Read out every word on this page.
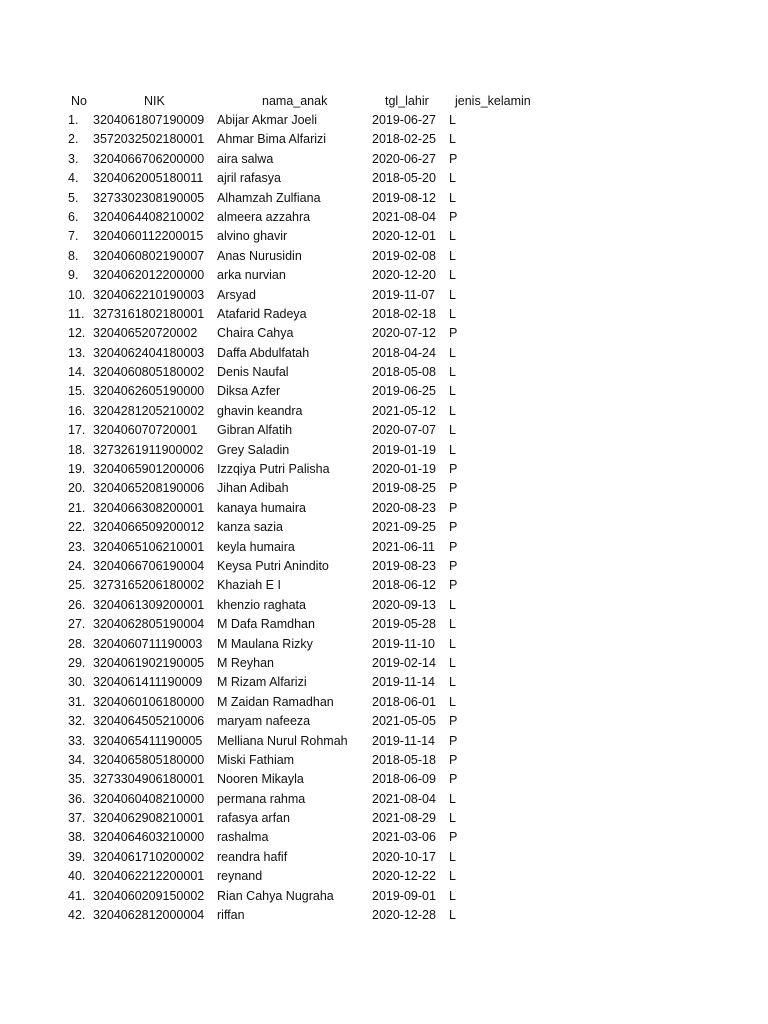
No	NIK	nama_anak	tgl_lahir	jenis_kelamin
1.	3204061807190009	Abijar Akmar Joeli	2019-06-27	L
2.	3572032502180001	Ahmar Bima Alfarizi	2018-02-25	L
3.	3204066706200000	aira salwa	2020-06-27	P
4.	3204062005180011	ajril rafasya	2018-05-20	L
5.	3273302308190005	Alhamzah Zulfiana	2019-08-12	L
6.	3204064408210002	almeera azzahra	2021-08-04	P
7.	3204060112200015	alvino ghavir	2020-12-01	L
8.	3204060802190007	Anas Nurusidin	2019-02-08	L
9.	3204062012200000	arka nurvian	2020-12-20	L
10. 3204062210190003	Arsyad	2019-11-07	L
11. 3273161802180001	Atafarid Radeya	2018-02-18	L
12. 320406520720002	Chaira Cahya	2020-07-12	P
13. 3204062404180003	Daffa Abdulfatah	2018-04-24	L
14. 3204060805180002	Denis Naufal	2018-05-08	L
15. 3204062605190000	Diksa Azfer	2019-06-25	L
16. 3204281205210002	ghavin keandra	2021-05-12	L
17. 320406070720001	Gibran Alfatih	2020-07-07	L
18. 3273261911900002	Grey Saladin	2019-01-19	L
19. 3204065901200006	Izzqiya Putri Palisha	2020-01-19	P
20. 3204065208190006	Jihan Adibah	2019-08-25	P
21. 3204066308200001	kanaya humaira	2020-08-23	P
22. 3204066509200012	kanza sazia	2021-09-25	P
23. 3204065106210001	keyla humaira	2021-06-11	P
24. 3204066706190004	Keysa Putri Anindito	2019-08-23	P
25. 3273165206180002	Khaziah E I	2018-06-12	P
26. 3204061309200001	khenzio raghata	2020-09-13	L
27. 3204062805190004	M Dafa Ramdhan	2019-05-28	L
28. 3204060711190003	M Maulana Rizky	2019-11-10	L
29. 3204061902190005	M Reyhan	2019-02-14	L
30. 3204061411190009	M Rizam Alfarizi	2019-11-14	L
31. 3204060106180000	M Zaidan Ramadhan	2018-06-01	L
32. 3204064505210006	maryam nafeeza	2021-05-05	P
33. 3204065411190005	Melliana Nurul Rohmah	2019-11-14	P
34. 3204065805180000	Miski Fathiam	2018-05-18	P
35. 3273304906180001	Nooren Mikayla	2018-06-09	P
36. 3204060408210000	permana rahma	2021-08-04	L
37. 3204062908210001	rafasya arfan	2021-08-29	L
38. 3204064603210000	rashalma	2021-03-06	P
39. 3204061710200002	reandra hafif	2020-10-17	L
40. 3204062212200001	reynand	2020-12-22	L
41. 3204060209150002	Rian Cahya Nugraha	2019-09-01	L
42. 3204062812000004	riffan	2020-12-28	L
